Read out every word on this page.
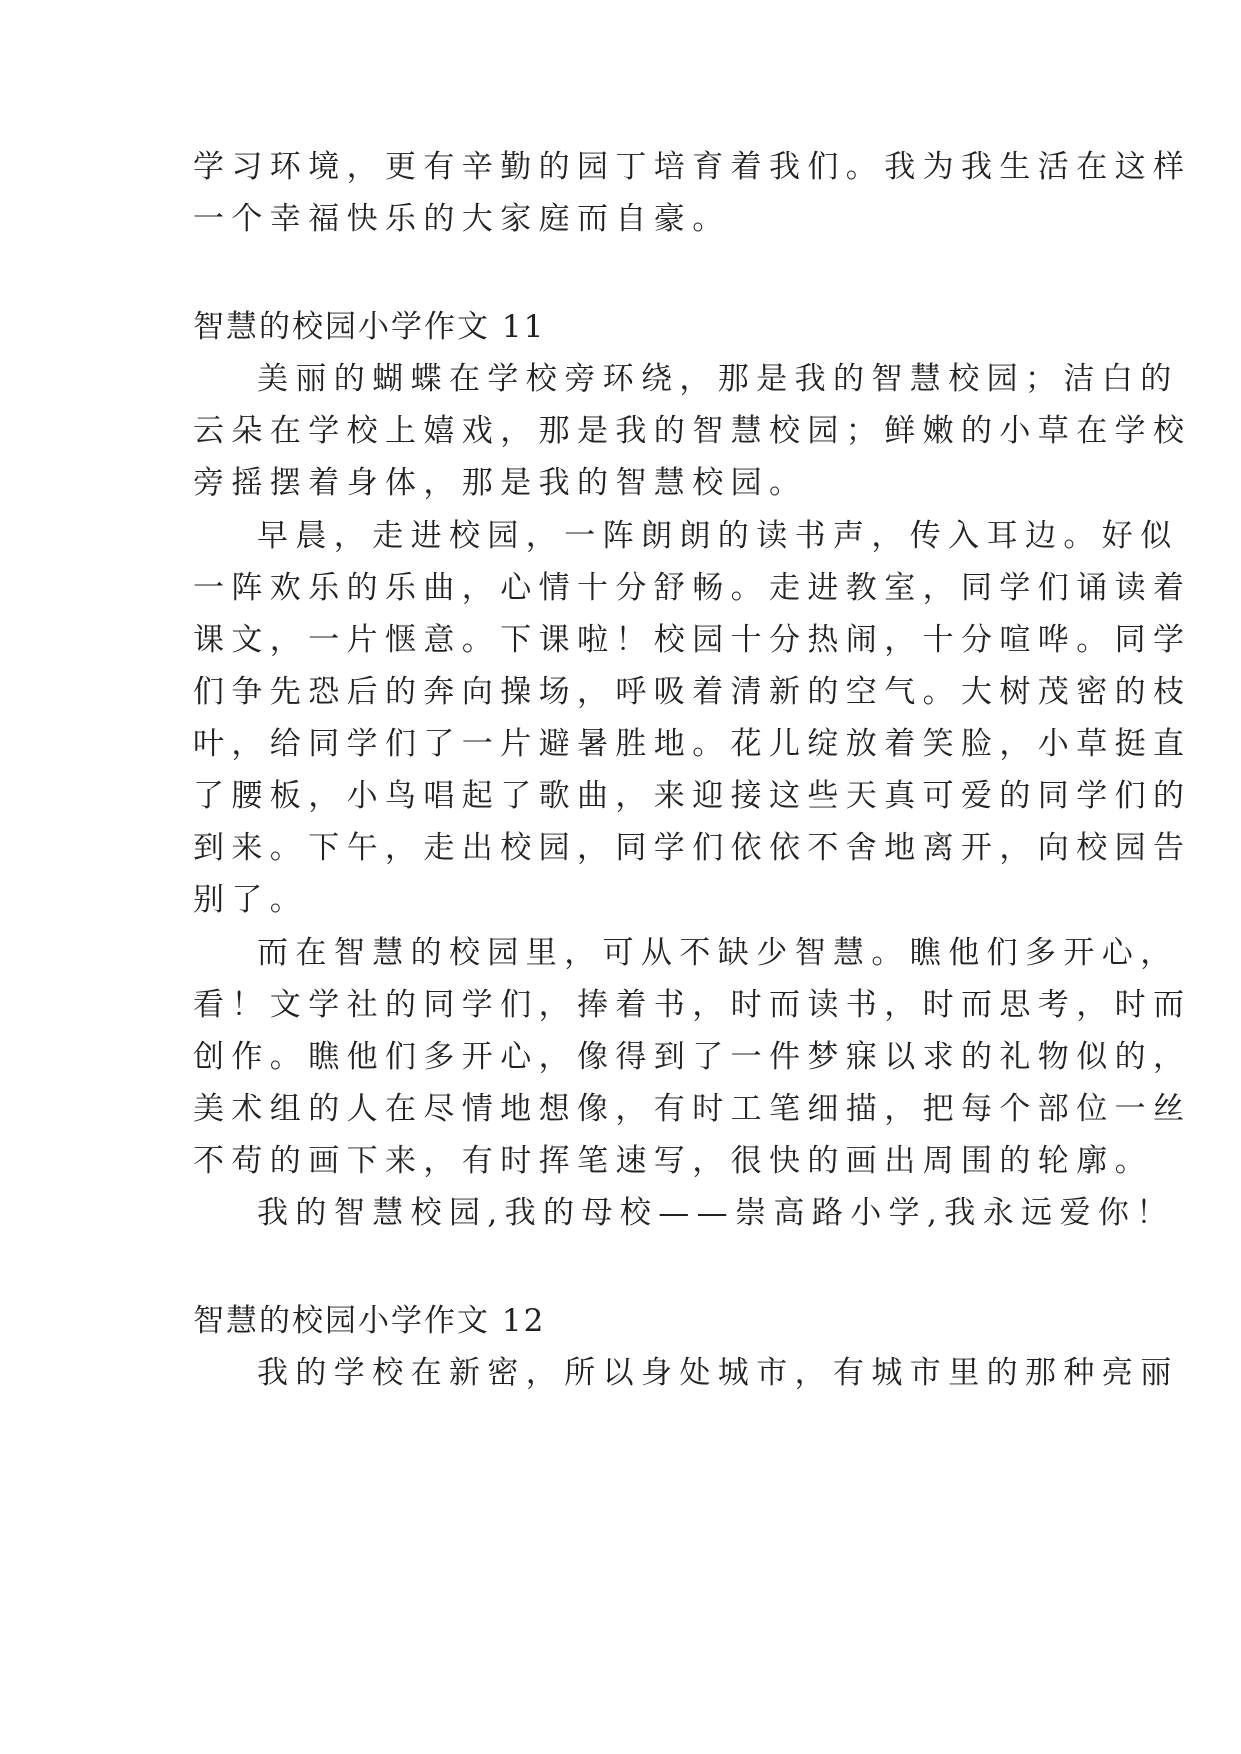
学习环境，更有辛勤的园丁培育着我们。我为我生活在这样
一个幸福快乐的大家庭而自豪。
智慧的校园小学作文 11
美丽的蝴蝶在学校旁环绕，那是我的智慧校园；洁白的
云朵在学校上嬉戏，那是我的智慧校园；鲜嫩的小草在学校
旁摇摆着身体，那是我的智慧校园。
早晨，走进校园，一阵朗朗的读书声，传入耳边。好似
一阵欢乐的乐曲，心情十分舒畅。走进教室，同学们诵读着
课文，一片惬意。下课啦！校园十分热闹，十分喧哗。同学
们争先恐后的奔向操场，呼吸着清新的空气。大树茂密的枝
叶，给同学们了一片避暑胜地。花儿绽放着笑脸，小草挺直
了腰板，小鸟唱起了歌曲，来迎接这些天真可爱的同学们的
到来。下午，走出校园，同学们依依不舍地离开，向校园告
别了。
而在智慧的校园里，可从不缺少智慧。瞧他们多开心，
看！文学社的同学们，捧着书，时而读书，时而思考，时而
创作。瞧他们多开心，像得到了一件梦寐以求的礼物似的，
美术组的人在尽情地想像，有时工笔细描，把每个部位一丝
不苟的画下来，有时挥笔速写，很快的画出周围的轮廓。
我的智慧校园,我的母校——崇高路小学,我永远爱你！
智慧的校园小学作文 12
我的学校在新密，所以身处城市，有城市里的那种亮丽
